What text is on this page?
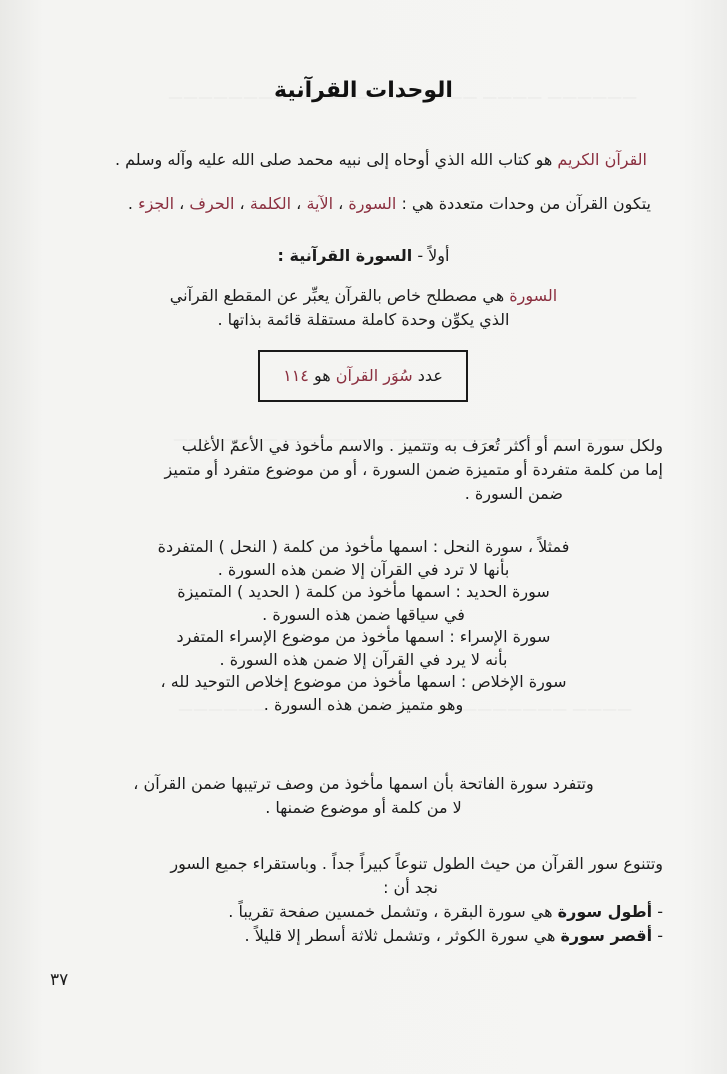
الوحدات القرآنية
القرآن الكريم هو كتاب الله الذي أوحاه إلى نبيه محمد صلى الله عليه وآله وسلم .
يتكون القرآن من وحدات متعددة هي : السورة ، الآية ، الكلمة ، الحرف ، الجزء .
أولاً - السورة القرآنية :
السورة هي مصطلح خاص بالقرآن يعبِّر عن المقطع القرآني
الذي يكوِّن وحدة كاملة مستقلة قائمة بذاتها .
عدد سُوَر القرآن هو ١١٤
ولكل سورة اسم أو أكثر تُعرَف به وتتميز . والاسم مأخوذ في الأعمّ الأغلب
إما من كلمة متفردة أو متميزة ضمن السورة ، أو من موضوع متفرد أو متميز
ضمن السورة .
فمثلاً ، سورة النحل : اسمها مأخوذ من كلمة ( النحل ) المتفردة
بأنها لا ترد في القرآن إلا ضمن هذه السورة .
سورة الحديد : اسمها مأخوذ من كلمة ( الحديد ) المتميزة
في سياقها ضمن هذه السورة .
سورة الإسراء : اسمها مأخوذ من موضوع الإسراء المتفرد
بأنه لا يرد في القرآن إلا ضمن هذه السورة .
سورة الإخلاص : اسمها مأخوذ من موضوع إخلاص التوحيد لله ،
وهو متميز ضمن هذه السورة .
وتتفرد سورة الفاتحة بأن اسمها مأخوذ من وصف ترتيبها ضمن القرآن ،
لا من كلمة أو موضوع ضمنها .
وتتنوع سور القرآن من حيث الطول تنوعاً كبيراً جداً . وباستقراء جميع السور
نجد أن :
- أطول سورة هي سورة البقرة ، وتشمل خمسين صفحة تقريباً .
- أقصر سورة هي سورة الكوثر ، وتشمل ثلاثة أسطر إلا قليلاً .
٣٧
